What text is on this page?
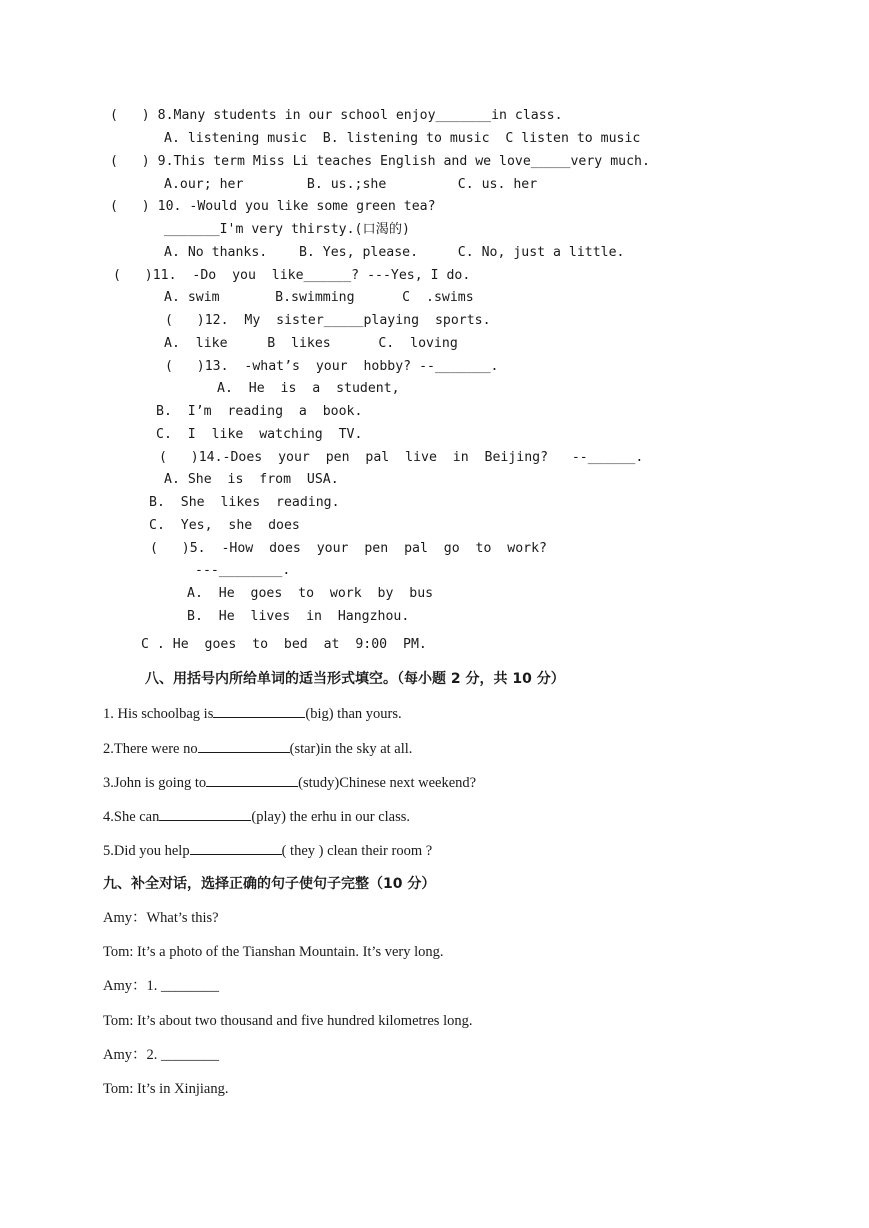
(   ) 8.Many students in our school enjoy_______in class.
A. listening music  B. listening to music  C listen to music
(   ) 9.This term Miss Li teaches English and we love_____very much.
A.our; her        B. us.;she         C. us. her
(   ) 10. -Would you like some green tea?
_______I'm very thirsty.(口渴的)
A. No thanks.    B. Yes, please.     C. No, just a little.
(   )11.  -Do  you  like______? ---Yes, I do.
A. swim       B.swimming      C  .swims
(   )12.  My  sister_____playing  sports.
A.  like     B  likes      C.  loving
(   )13.  -what’s  your  hobby? --_______.
A.  He  is  a  student,
B.  I’m  reading  a  book.
C.  I  like  watching  TV.
(   )14.-Does  your  pen  pal  live  in  Beijing?   --______.
A. She  is  from  USA.
B.  She  likes  reading.
C.  Yes,  she  does
(   )5.  -How  does  your  pen  pal  go  to  work?
---________.
A.  He  goes  to  work  by  bus
B.  He  lives  in  Hangzhou.
C . He  goes  to  bed  at  9:00  PM.
八、用括号内所给单词的适当形式填空。（每小题 2 分，共 10 分）
1. His schoolbag is	(big) than yours.
2.There were no	(star)in the sky at all.
3.John is going to	(study)Chinese next weekend?
4.She can	(play) the erhu in our class.
5.Did you help	( they ) clean their room ?
九、补全对话，选择正确的句子使句子完整（10 分）
Amy：What’s this?
Tom: It’s a photo of the Tianshan Mountain. It’s very long.
Amy：1. ________
Tom: It’s about two thousand and five hundred kilometres long.
Amy：2. ________
Tom: It’s in Xinjiang.
